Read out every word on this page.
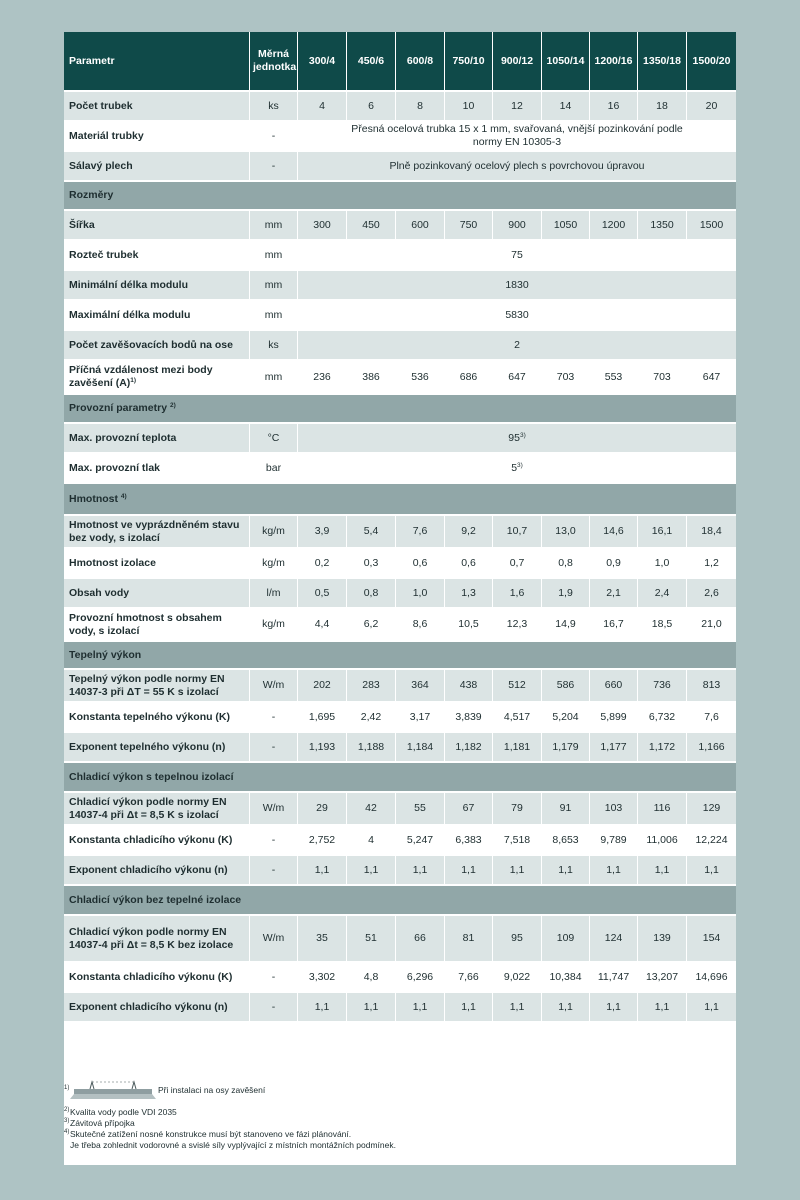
Parametr	Měrná jednotka	300/4	450/6	600/8	750/10	900/12	1050/14	1200/16	1350/18	1500/20
Počet trubek	ks	4	6	8	10	12	14	16	18	20
Materiál trubky	-	Přesná ocelová trubka 15 x 1 mm, svařovaná, vnější pozinkování podle normy EN 10305-3								
Sálavý plech	-	Plně pozinkovaný ocelový plech s povrchovou úpravou								
Rozměry										
Šířka	mm	300	450	600	750	900	1050	1200	1350	1500
Rozteč trubek	mm	75								
Minimální délka modulu	mm	1830								
Maximální délka modulu	mm	5830								
Počet zavěšovacích bodů na ose	ks	2								
Příčná vzdálenost mezi body zavěšení $(A)^{1)}$	mm	236	386	536	686	647	703	553	703	647
Provozní parametry $^{2)}$
Max. provozní teplota	°C	95$^{3)}$
Max. provozní tlak	bar	5$^{3)}$
Hmotnost $^{4)}$
Hmotnost ve vyprázdněném stavu bez vody, s izolací	kg/m	3,9	5,4	7,6	9,2	10,7	13,0	14,6	16,1	18,4
Hmotnost izolace	kg/m	0,2	0,3	0,6	0,6	0,7	0,8	0,9	1,0	1,2
Obsah vody	l/m	0,5	0,8	1,0	1,3	1,6	1,9	2,1	2,4	2,6
Provozní hmotnost s obsahem vody, s izolací	kg/m	4,4	6,2	8,6	10,5	12,3	14,9	16,7	18,5	21,0
Tepelný výkon										
Tepelný výkon podle normy EN 14037-3 při ΔT = 55 K s izolací	W/m	202	283	364	438	512	586	660	736	813
Konstanta tepelného výkonu (K)	-	1,695	2,42	3,17	3,839	4,517	5,204	5,899	6,732	7,6
Exponent tepelného výkonu (n)	-	1,193	1,188	1,184	1,182	1,181	1,179	1,177	1,172	1,166
Chladicí výkon s tepelnou izolací										
Chladicí výkon podle normy EN 14037-4 při Δt = 8,5 K s izolací	W/m	29	42	55	67	79	91	103	116	129
Konstanta chladicího výkonu (K)	-	2,752	4	5,247	6,383	7,518	8,653	9,789	11,006	12,224
Exponent chladicího výkonu (n)	-	1,1	1,1	1,1	1,1	1,1	1,1	1,1	1,1	1,1
Chladicí výkon bez tepelné izolace										
Chladicí výkon podle normy EN 14037-4 při Δt = 8,5 K bez izolace	W/m	35	51	66	81	95	109	124	139	154
Konstanta chladicího výkonu (K)	-	3,302	4,8	6,296	7,66	9,022	10,384	11,747	13,207	14,696
Exponent chladicího výkonu (n)	-	1,1	1,1	1,1	1,1	1,1	1,1	1,1	1,1	1,1
1)	Při instalaci na osy zavěšení
2) Kvalita vody podle VDI 2035
3) Závitová přípojka
4) Skutečné zatížení nosné konstrukce musí být stanoveno ve fázi plánování.
Je třeba zohlednit vodorovné a svislé síly vyplývající z místních montážních podmínek.
